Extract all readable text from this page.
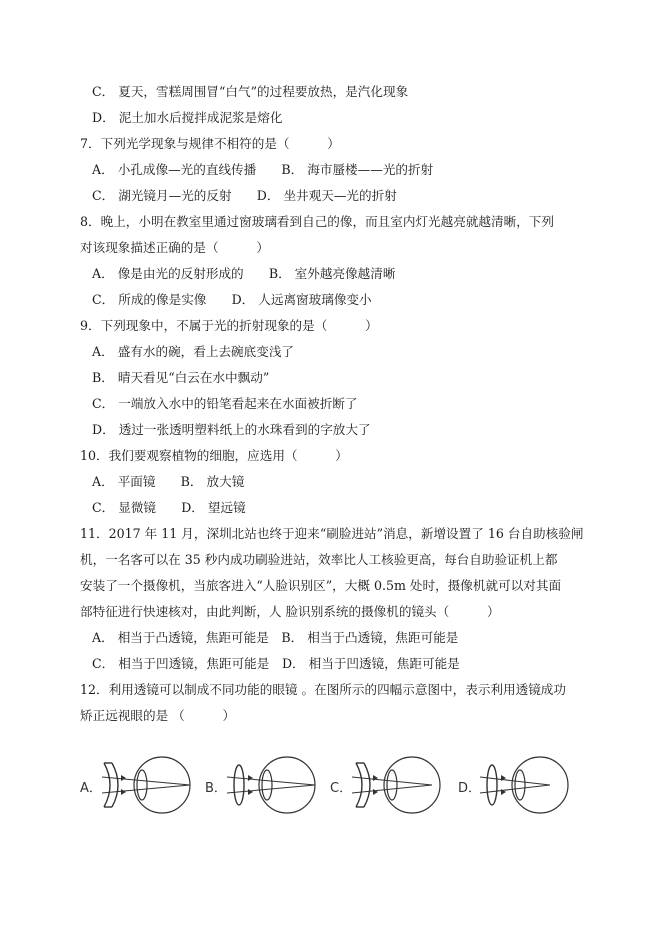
C． 夏天，雪糕周围冒“白气”的过程要放热，是汽化现象
D． 泥土加水后搅拌成泥浆是熔化
7．下列光学现象与规律不相符的是（　　　）
A． 小孔成像—光的直线传播　　B． 海市蜃楼——光的折射
C． 湖光镜月—光的反射　　D． 坐井观天—光的折射
8．晚上，小明在教室里通过窗玻璃看到自己的像，而且室内灯光越亮就越清晰，下列
对该现象描述正确的是（　　　）
A． 像是由光的反射形成的　　B． 室外越亮像越清晰
C． 所成的像是实像　　D． 人远离窗玻璃像变小
9．下列现象中，不属于光的折射现象的是（　　　）
A． 盛有水的碗，看上去碗底变浅了
B． 晴天看见“白云在水中飘动”
C． 一端放入水中的铅笔看起来在水面被折断了
D． 透过一张透明塑料纸上的水珠看到的字放大了
10．我们要观察植物的细胞，应选用（　　　）
A． 平面镜　　B． 放大镜
C． 显微镜　　D． 望远镜
11．2017 年 11 月，深圳北站也终于迎来“刷脸进站”消息，新增设置了 16 台自助核验闸
机，一名客可以在 35 秒内成功刷验进站，效率比人工核验更高，每台自助验证机上都
安装了一个摄像机，当旅客进入“人脸识别区”，大概 0.5m 处时，摄像机就可以对其面
部特征进行快速核对，由此判断，人 脸识别系统的摄像机的镜头（　　　）
A． 相当于凸透镜，焦距可能是　B． 相当于凸透镜，焦距可能是
C． 相当于凹透镜，焦距可能是　D． 相当于凹透镜，焦距可能是
12．利用透镜可以制成不同功能的眼镜 。在图所示的四幅示意图中，表示利用透镜成功
矫正远视眼的是 （　　　）
A．	B．	C．	D．
